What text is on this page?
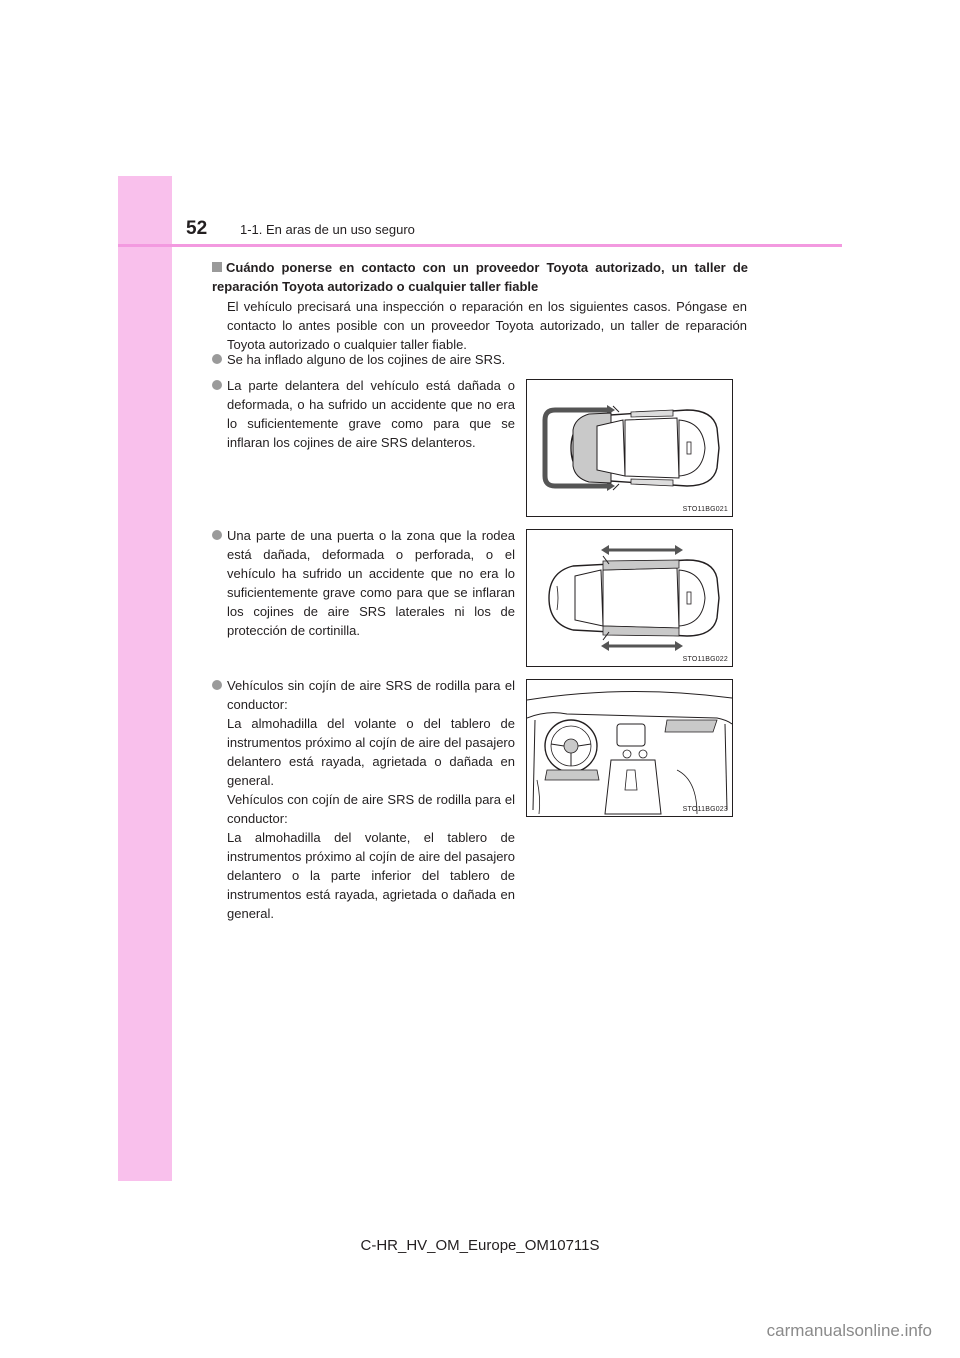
52	1-1. En aras de un uso seguro
Cuándo ponerse en contacto con un proveedor Toyota autorizado, un taller de reparación Toyota autorizado o cualquier taller fiable

El vehículo precisará una inspección o reparación en los siguientes casos. Póngase en contacto lo antes posible con un proveedor Toyota autorizado, un taller de reparación Toyota autorizado o cualquier taller fiable.

Se ha inflado alguno de los cojines de aire SRS.
La parte delantera del vehículo está dañada o deformada, o ha sufrido un accidente que no era lo suficientemente grave como para que se inflaran los cojines de aire SRS delanteros.
Una parte de una puerta o la zona que la rodea está dañada, deformada o perforada, o el vehículo ha sufrido un accidente que no era lo suficientemente grave como para que se inflaran los cojines de aire SRS laterales ni los de protección de cortinilla.
Vehículos sin cojín de aire SRS de rodilla para el conductor:
La almohadilla del volante o del tablero de instrumentos próximo al cojín de aire del pasajero delantero está rayada, agrietada o dañada en general.
Vehículos con cojín de aire SRS de rodilla para el conductor:
La almohadilla del volante, el tablero de instrumentos próximo al cojín de aire del pasajero delantero o la parte inferior del tablero de instrumentos está rayada, agrietada o dañada en general.
STO11BG021
STO11BG022
STO11BG023
C-HR_HV_OM_Europe_OM10711S
carmanualsonline.info
